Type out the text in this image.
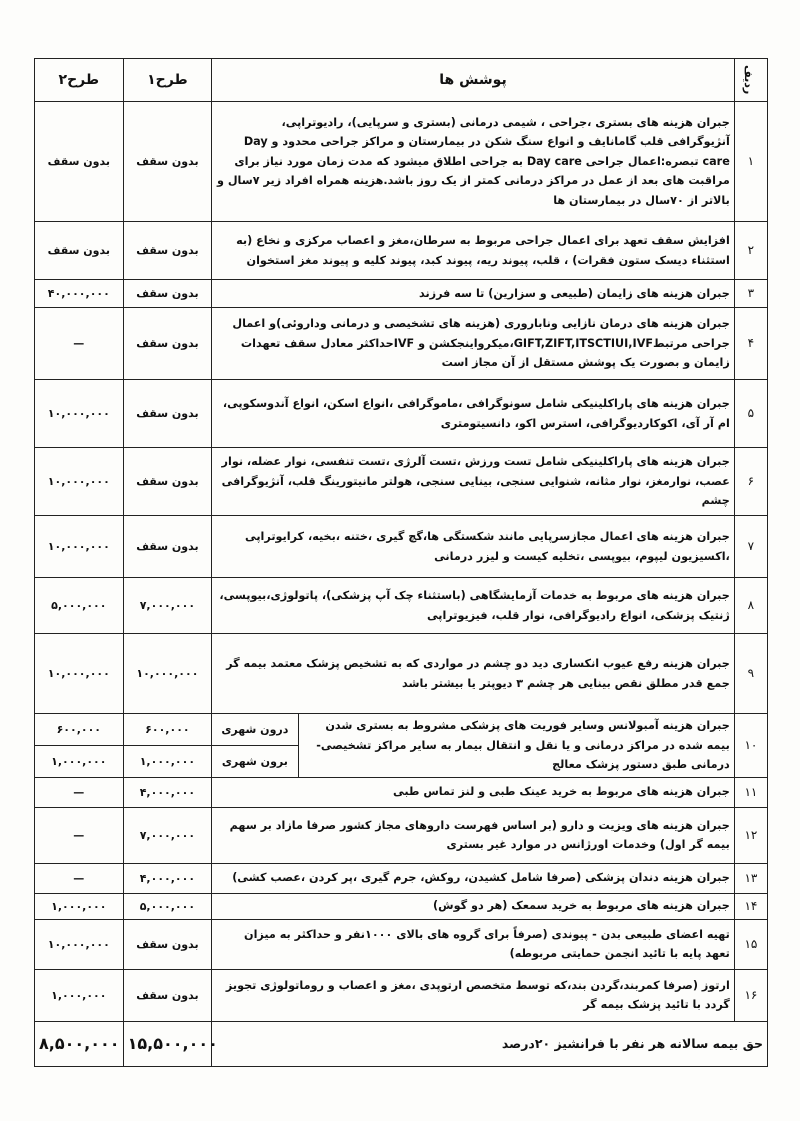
ردیف	پوشش ها		طرح۱	طرح۲
۱	جبران هزینه های بستری ،جراحی ، شیمی درمانی (بستری و سرپایی)، رادیوتراپی، آنژیوگرافی قلب گامانایف و انواع سنگ شکن در بیمارستان و مراکز جراحی محدود و Day care تبصره:اعمال جراحی Day care به جراحی اطلاق میشود که مدت زمان مورد نیاز برای مراقبت های بعد از عمل در مراکز درمانی کمتر از یک روز باشد.هزینه همراه افراد زیر ۷سال و بالاتر از ۷۰سال در بیمارستان ها		بدون سقف	بدون سقف
۲	افزایش سقف تعهد برای اعمال جراحی مربوط به سرطان،مغز و اعصاب مرکزی و نخاع (به استثناء دیسک ستون فقرات) ، قلب، پیوند ریه، پیوند کبد، پیوند کلیه و پیوند مغز استخوان		بدون سقف	بدون سقف
۳	جبران هزینه های زایمان (طبیعی و سزارین) تا سه فرزند		بدون سقف	۴۰,۰۰۰,۰۰۰
۴	جبران هزینه های درمان نازایی وناباروری (هزینه های تشخیصی و درمانی وداروئی)و اعمال جراحی مرتبطGIFT,ZIFT,ITSCTIUI,IVF،میکرواینجکشن و IVFحداکثر معادل سقف تعهدات زایمان و بصورت یک پوشش مستقل از آن مجاز است		بدون سقف	—
۵	جبران هزینه های پاراکلینیکی شامل سونوگرافی ،ماموگرافی ،انواع اسکن، انواع آندوسکوپی، ام آر آی، اکوکاردیوگرافی، استرس اکو، دانسیتومتری		بدون سقف	۱۰,۰۰۰,۰۰۰
۶	جبران هزینه های پاراکلینیکی شامل تست ورزش ،تست آلرژی ،تست تنفسی، نوار عضله، نوار عصب، نوارمغز، نوار مثانه، شنوایی سنجی، بینایی سنجی، هولتر مانیتورینگ قلب، آنژیوگرافی چشم		بدون سقف	۱۰,۰۰۰,۰۰۰
۷	جبران هزینه های اعمال مجازسرپایی مانند شکستگی ها،گچ گیری ،ختنه ،بخیه، کرایوتراپی ،اکسیزیون لیپوم، بیوپسی ،تخلیه کیست و لیزر درمانی		بدون سقف	۱۰,۰۰۰,۰۰۰
۸	جبران هزینه های مربوط به خدمات آزمایشگاهی (باستثناء چک آپ پزشکی)، پاتولوژی،بیوپسی، ژنتیک پزشکی، انواع رادیوگرافی، نوار قلب، فیزیوتراپی		۷,۰۰۰,۰۰۰	۵,۰۰۰,۰۰۰
۹	جبران هزینه رفع عیوب انکساری دید دو چشم در مواردی که به تشخیص پزشک معتمد بیمه گر جمع قدر مطلق نقص بینایی هر چشم ۳ دیوپتر یا بیشتر باشد		۱۰,۰۰۰,۰۰۰	۱۰,۰۰۰,۰۰۰
۱۰	جبران هزینه آمبولانس وسایر فوریت های پزشکی مشروط به بستری شدن بیمه شده در مراکز درمانی و یا نقل و انتقال بیمار به سایر مراکز تشخیصی-درمانی طبق دستور پزشک معالج	درون شهری	۶۰۰,۰۰۰	۶۰۰,۰۰۰
		برون شهری	۱,۰۰۰,۰۰۰	۱,۰۰۰,۰۰۰
۱۱	جبران هزینه های مربوط به خرید عینک طبی و لنز تماس طبی		۴,۰۰۰,۰۰۰	—
۱۲	جبران هزینه های ویزیت و دارو (بر اساس فهرست داروهای مجاز کشور صرفا مازاد بر سهم بیمه گر اول) وخدمات اورژانس در موارد غیر بستری		۷,۰۰۰,۰۰۰	—
۱۳	جبران هزینه دندان پزشکی (صرفا شامل کشیدن، روکش، جرم گیری ،پر کردن ،عصب کشی)		۴,۰۰۰,۰۰۰	—
۱۴	جبران هزینه های مربوط به خرید سمعک (هر دو گوش)		۵,۰۰۰,۰۰۰	۱,۰۰۰,۰۰۰
۱۵	تهیه اعضای طبیعی بدن - پیوندی (صرفاً برای گروه های بالای ۱۰۰۰نفر و حداکثر به میزان تعهد پایه با تائید انجمن حمایتی مربوطه)		بدون سقف	۱۰,۰۰۰,۰۰۰
۱۶	ارتوز (صرفا کمربند،گردن بند،که توسط متخصص ارتوپدی ،مغز و اعصاب و روماتولوژی تجویز گردد با تائید پزشک بیمه گر		بدون سقف	۱,۰۰۰,۰۰۰
حق بیمه سالانه هر نفر با فرانشیز ۲۰درصد			۱۵,۵۰۰,۰۰۰	۸,۵۰۰,۰۰۰
